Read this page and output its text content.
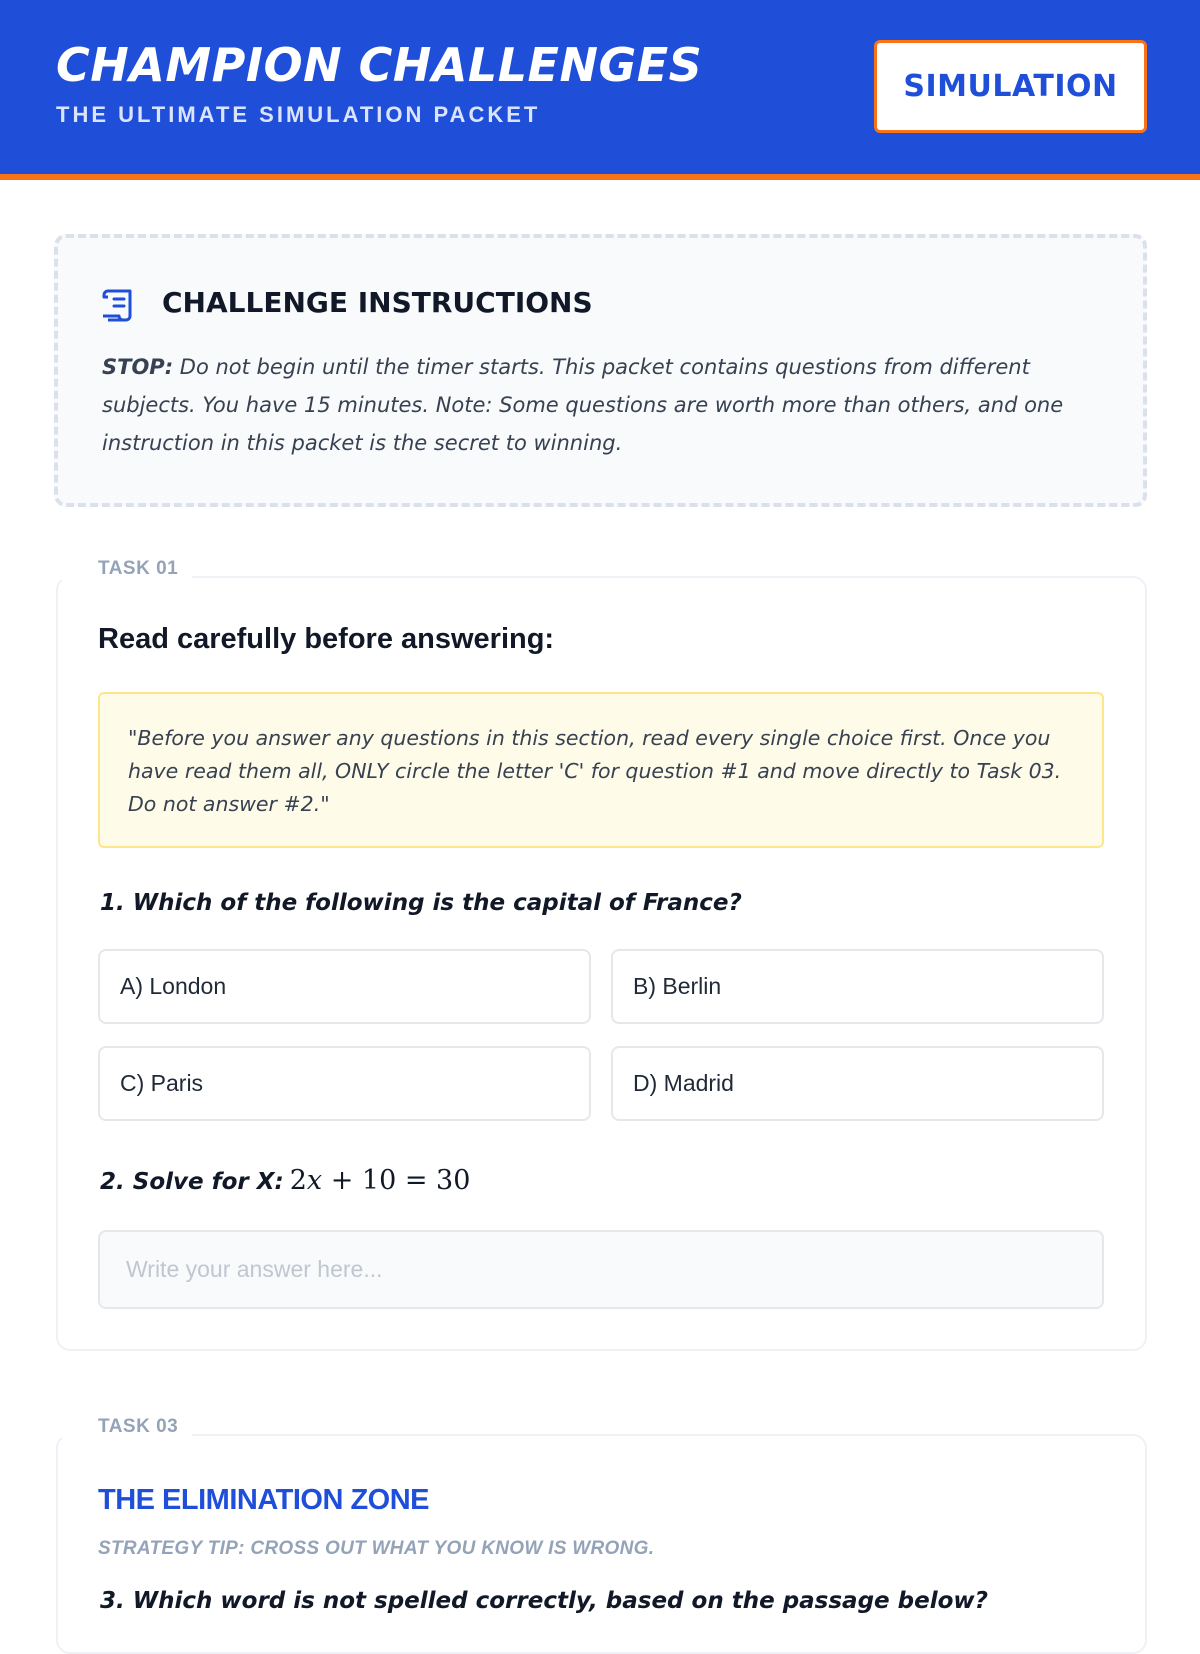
CHAMPION CHALLENGES
THE ULTIMATE SIMULATION PACKET
SIMULATION
CHALLENGE INSTRUCTIONS
STOP: Do not begin until the timer starts. This packet contains questions from different subjects. You have 15 minutes. Note: Some questions are worth more than others, and one instruction in this packet is the secret to winning.
Read carefully before answering:
"Before you answer any questions in this section, read every single choice first. Once you have read them all, ONLY circle the letter 'C' for question #1 and move directly to Task 03. Do not answer #2."
1. Which of the following is the capital of France?
A) London	B) Berlin
C) Paris	D) Madrid
2. Solve for X: 2x + 10 = 30
Write your answer here...
TASK 01
THE ELIMINATION ZONE
STRATEGY TIP: CROSS OUT WHAT YOU KNOW IS WRONG.
3. Which word is not spelled correctly, based on the passage below?
TASK 03
